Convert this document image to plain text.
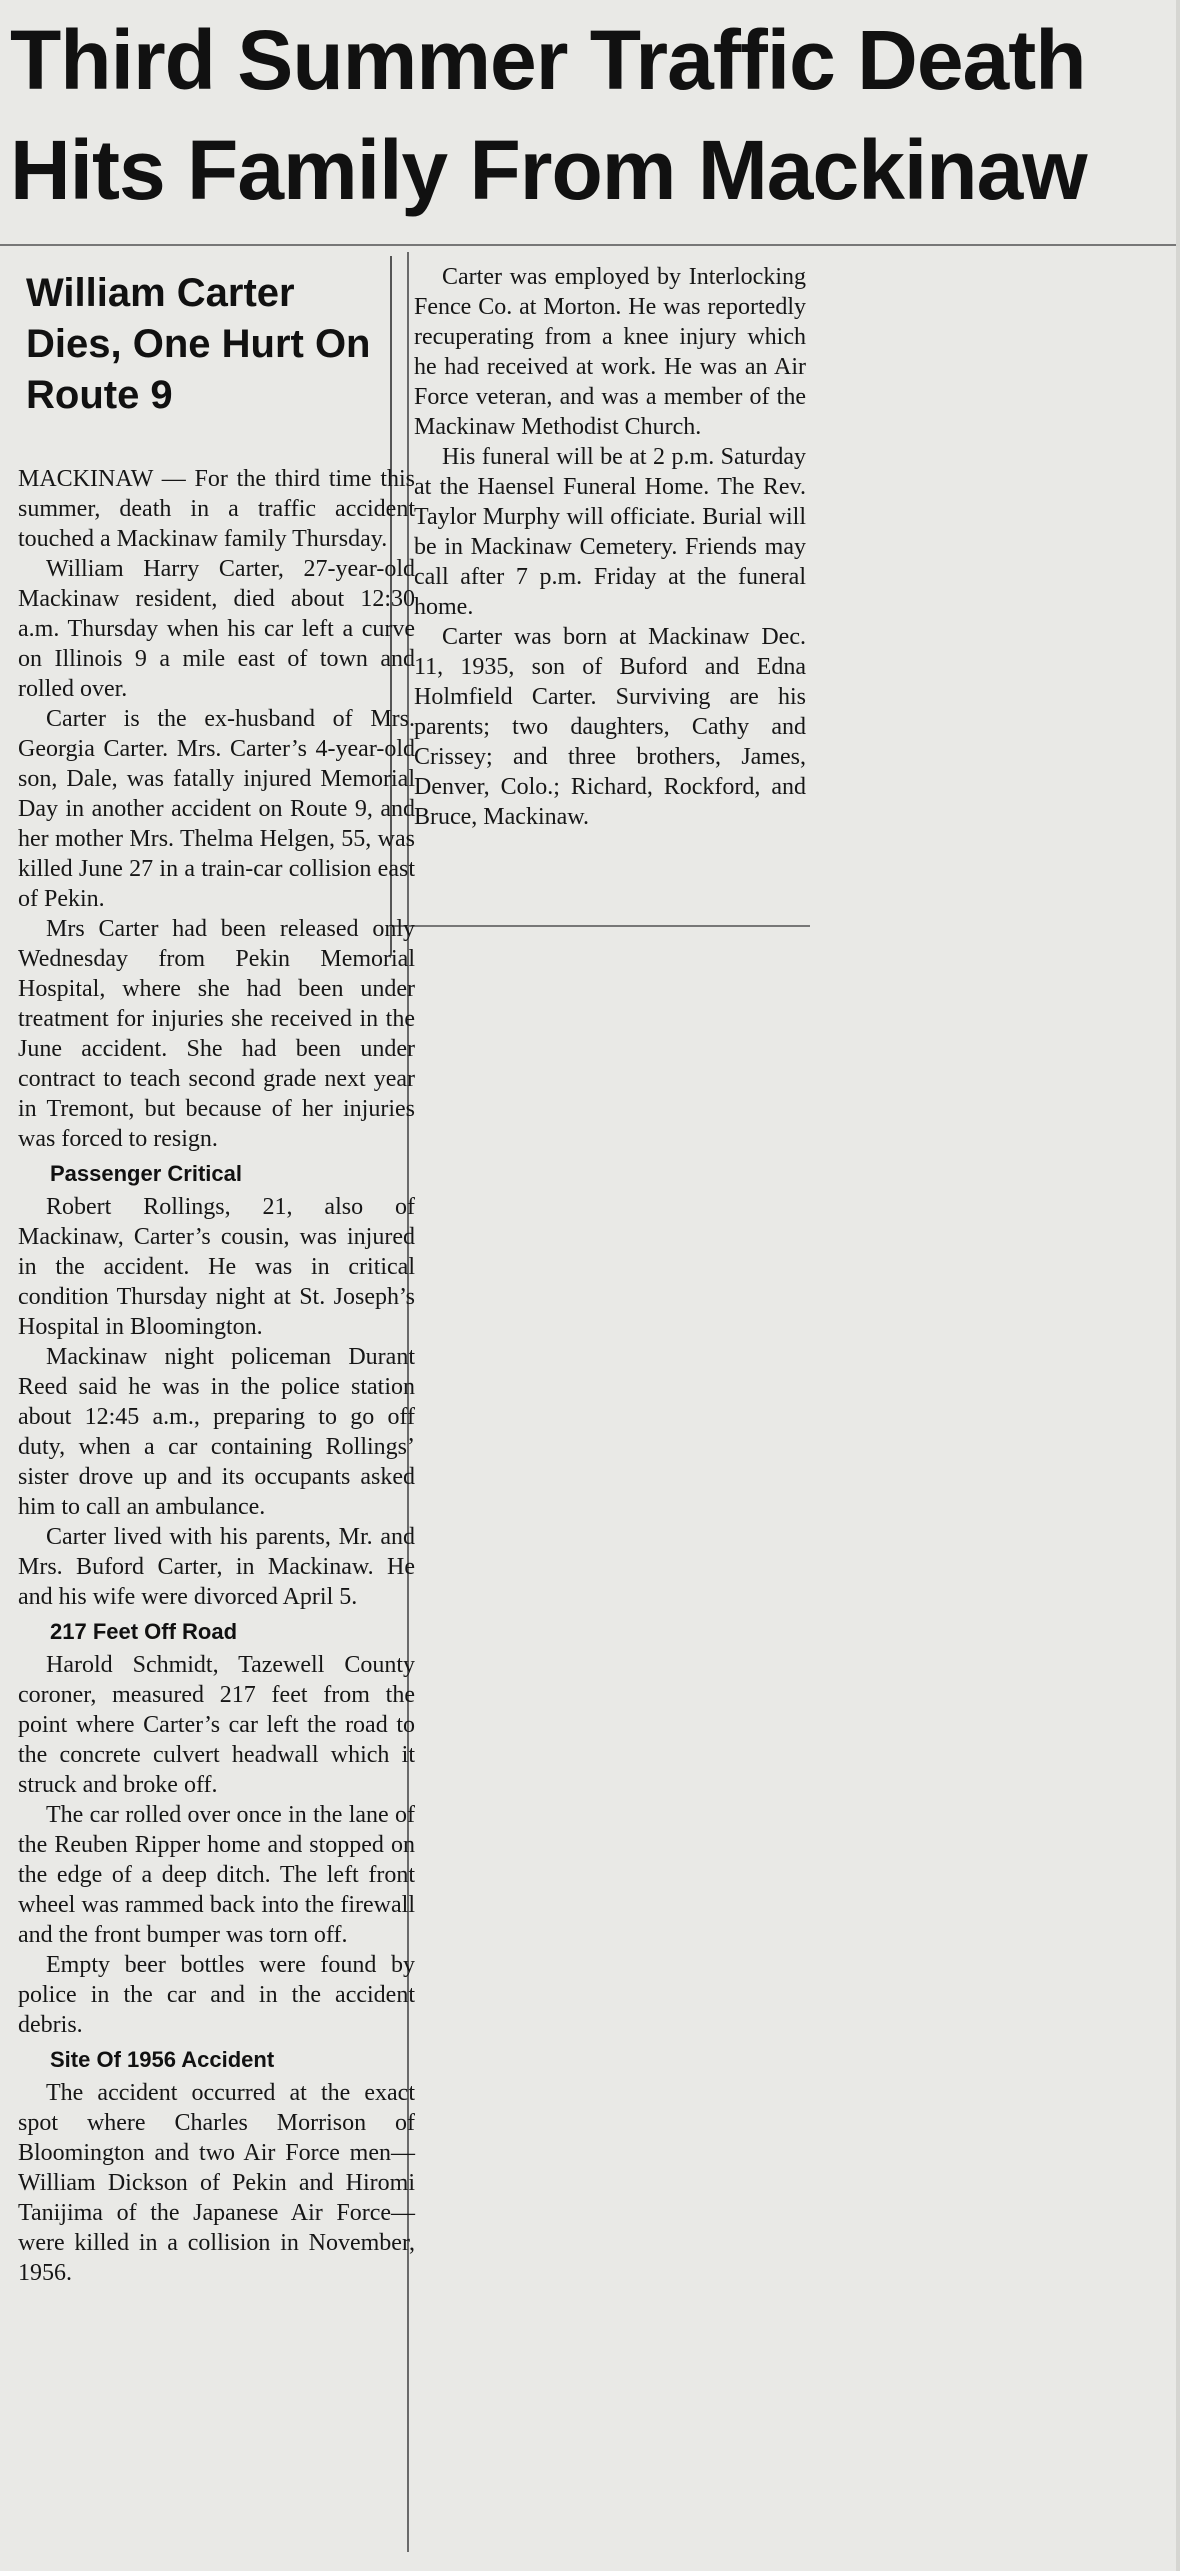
Third Summer Traffic Death
Hits Family From Mackinaw
William Carter Dies, One Hurt On Route 9

MACKINAW — For the third time this summer, death in a traffic accident touched a Mackinaw family Thursday.

William Harry Carter, 27-year-old Mackinaw resident, died about 12:30 a.m. Thursday when his car left a curve on Illinois 9 a mile east of town and rolled over.

Carter is the ex-husband of Mrs. Georgia Carter. Mrs. Carter’s 4-year-old son, Dale, was fatally injured Memorial Day in another accident on Route 9, and her mother Mrs. Thelma Helgen, 55, was killed June 27 in a train-car collision east of Pekin.

Mrs Carter had been released only Wednesday from Pekin Memorial Hospital, where she had been under treatment for injuries she received in the June accident. She had been under contract to teach second grade next year in Tremont, but because of her injuries was forced to resign.

Passenger Critical

Robert Rollings, 21, also of Mackinaw, Carter’s cousin, was injured in the accident. He was in critical condition Thursday night at St. Joseph’s Hospital in Bloomington.

Mackinaw night policeman Durant Reed said he was in the police station about 12:45 a.m., preparing to go off duty, when a car containing Rollings’ sister drove up and its occupants asked him to call an ambulance.

Carter lived with his parents, Mr. and Mrs. Buford Carter, in Mackinaw. He and his wife were divorced April 5.

217 Feet Off Road

Harold Schmidt, Tazewell County coroner, measured 217 feet from the point where Carter’s car left the road to the concrete culvert headwall which it struck and broke off.

The car rolled over once in the lane of the Reuben Ripper home and stopped on the edge of a deep ditch. The left front wheel was rammed back into the firewall and the front bumper was torn off.

Empty beer bottles were found by police in the car and in the accident debris.

Site Of 1956 Accident

The accident occurred at the exact spot where Charles Morrison of Bloomington and two Air Force men—William Dickson of Pekin and Hiromi Tanijima of the Japanese Air Force—were killed in a collision in November, 1956.

Carter was employed by Interlocking Fence Co. at Morton. He was reportedly recuperating from a knee injury which he had received at work. He was an Air Force veteran, and was a member of the Mackinaw Methodist Church.

His funeral will be at 2 p.m. Saturday at the Haensel Funeral Home. The Rev. Taylor Murphy will officiate. Burial will be in Mackinaw Cemetery. Friends may call after 7 p.m. Friday at the funeral home.

Carter was born at Mackinaw Dec. 11, 1935, son of Buford and Edna Holmfield Carter. Surviving are his parents; two daughters, Cathy and Crissey; and three brothers, James, Denver, Colo.; Richard, Rockford, and Bruce, Mackinaw.
